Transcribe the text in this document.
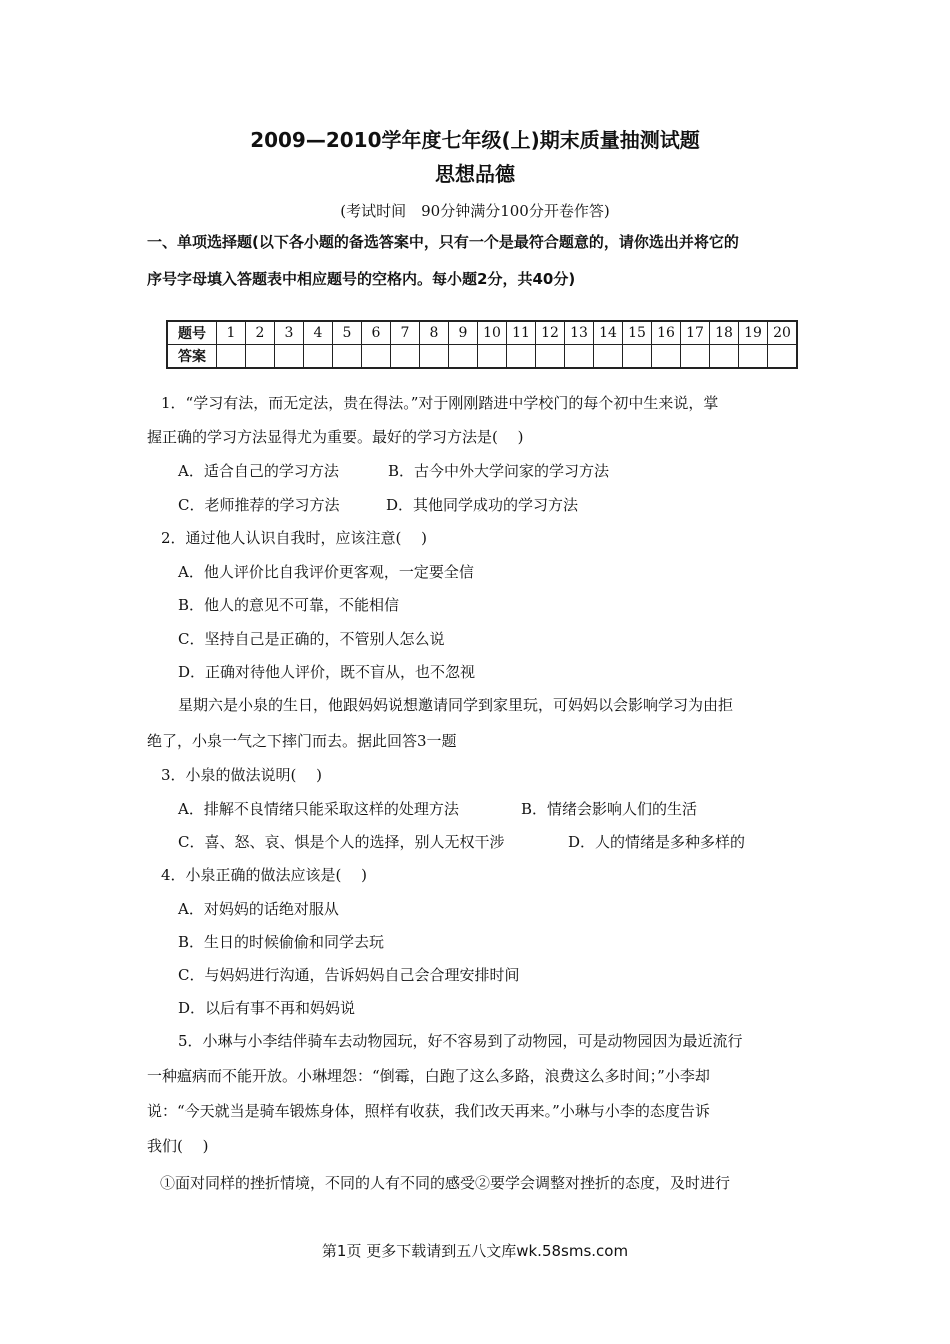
2009—2010学年度七年级(上)期末质量抽测试题
思想品德
(考试时间　90分钟满分100分开卷作答)
一、单项选择题(以下各小题的备选答案中，只有一个是最符合题意的，请你选出并将它的
序号字母填入答题表中相应题号的空格内。每小题2分，共40分)
题号	1	2	3	4	5	6	7	8	9	10	11	12	13	14	15	16	17	18	19	20
答案																				
1．“学习有法，而无定法，贵在得法。”对于刚刚踏进中学校门的每个初中生来说，掌
握正确的学习方法显得尤为重要。最好的学习方法是(　 )
A．适合自己的学习方法	B．古今中外大学问家的学习方法
C．老师推荐的学习方法	D．其他同学成功的学习方法
2．通过他人认识自我时，应该注意(　 )
A．他人评价比自我评价更客观，一定要全信
B．他人的意见不可靠，不能相信
C．坚持自己是正确的，不管别人怎么说
D．正确对待他人评价，既不盲从，也不忽视
星期六是小泉的生日，他跟妈妈说想邀请同学到家里玩，可妈妈以会影响学习为由拒
绝了，小泉一气之下摔门而去。据此回答3一题
3．小泉的做法说明(　 )
A．排解不良情绪只能采取这样的处理方法	B．情绪会影响人们的生活
C．喜、怒、哀、惧是个人的选择，别人无权干涉	D．人的情绪是多种多样的
4．小泉正确的做法应该是(　 )
A．对妈妈的话绝对服从
B．生日的时候偷偷和同学去玩
C．与妈妈进行沟通，告诉妈妈自己会合理安排时间
D．以后有事不再和妈妈说
5．小琳与小李结伴骑车去动物园玩，好不容易到了动物园，可是动物园因为最近流行
一种瘟病而不能开放。小琳埋怨：“倒霉，白跑了这么多路，浪费这么多时间；”小李却
说：“今天就当是骑车锻炼身体，照样有收获，我们改天再来。”小琳与小李的态度告诉
我们(　 )
①面对同样的挫折情境，不同的人有不同的感受②要学会调整对挫折的态度，及时进行
第1页 更多下载请到五八文库wk.58sms.com
